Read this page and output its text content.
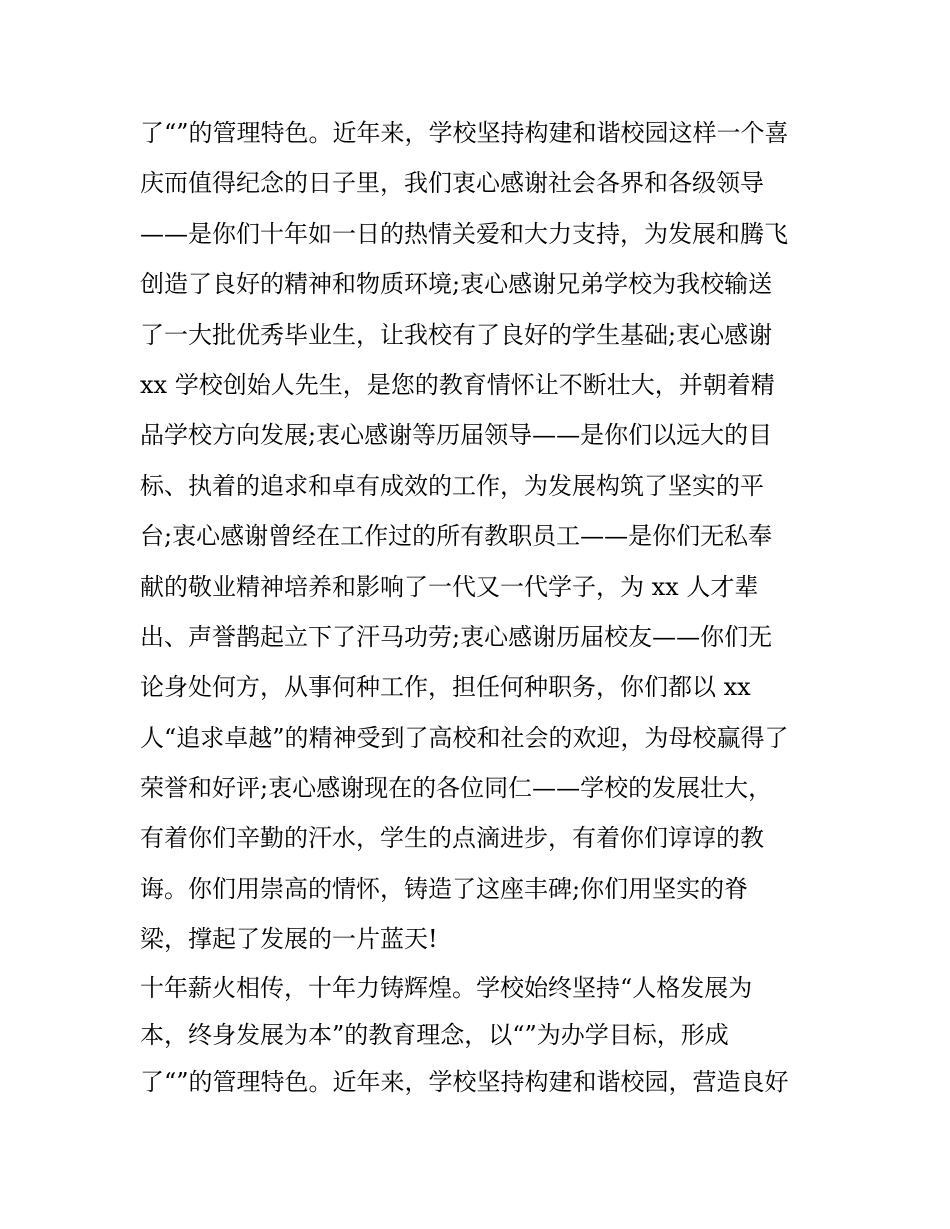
了“”的管理特色。近年来，学校坚持构建和谐校园这样一个喜
庆而值得纪念的日子里，我们衷心感谢社会各界和各级领导
——是你们十年如一日的热情关爱和大力支持，为发展和腾飞
创造了良好的精神和物质环境;衷心感谢兄弟学校为我校输送
了一大批优秀毕业生，让我校有了良好的学生基础;衷心感谢
xx 学校创始人先生，是您的教育情怀让不断壮大，并朝着精
品学校方向发展;衷心感谢等历届领导——是你们以远大的目
标、执着的追求和卓有成效的工作，为发展构筑了坚实的平
台;衷心感谢曾经在工作过的所有教职员工——是你们无私奉
献的敬业精神培养和影响了一代又一代学子，为 xx 人才辈
出、声誉鹊起立下了汗马功劳;衷心感谢历届校友——你们无
论身处何方，从事何种工作，担任何种职务，你们都以 xx
人“追求卓越”的精神受到了高校和社会的欢迎，为母校赢得了
荣誉和好评;衷心感谢现在的各位同仁——学校的发展壮大，
有着你们辛勤的汗水，学生的点滴进步，有着你们谆谆的教
诲。你们用崇高的情怀，铸造了这座丰碑;你们用坚实的脊
梁，撑起了发展的一片蓝天!
十年薪火相传，十年力铸辉煌。学校始终坚持“人格发展为
本，终身发展为本”的教育理念，以“”为办学目标，形成
了“”的管理特色。近年来，学校坚持构建和谐校园，营造良好
